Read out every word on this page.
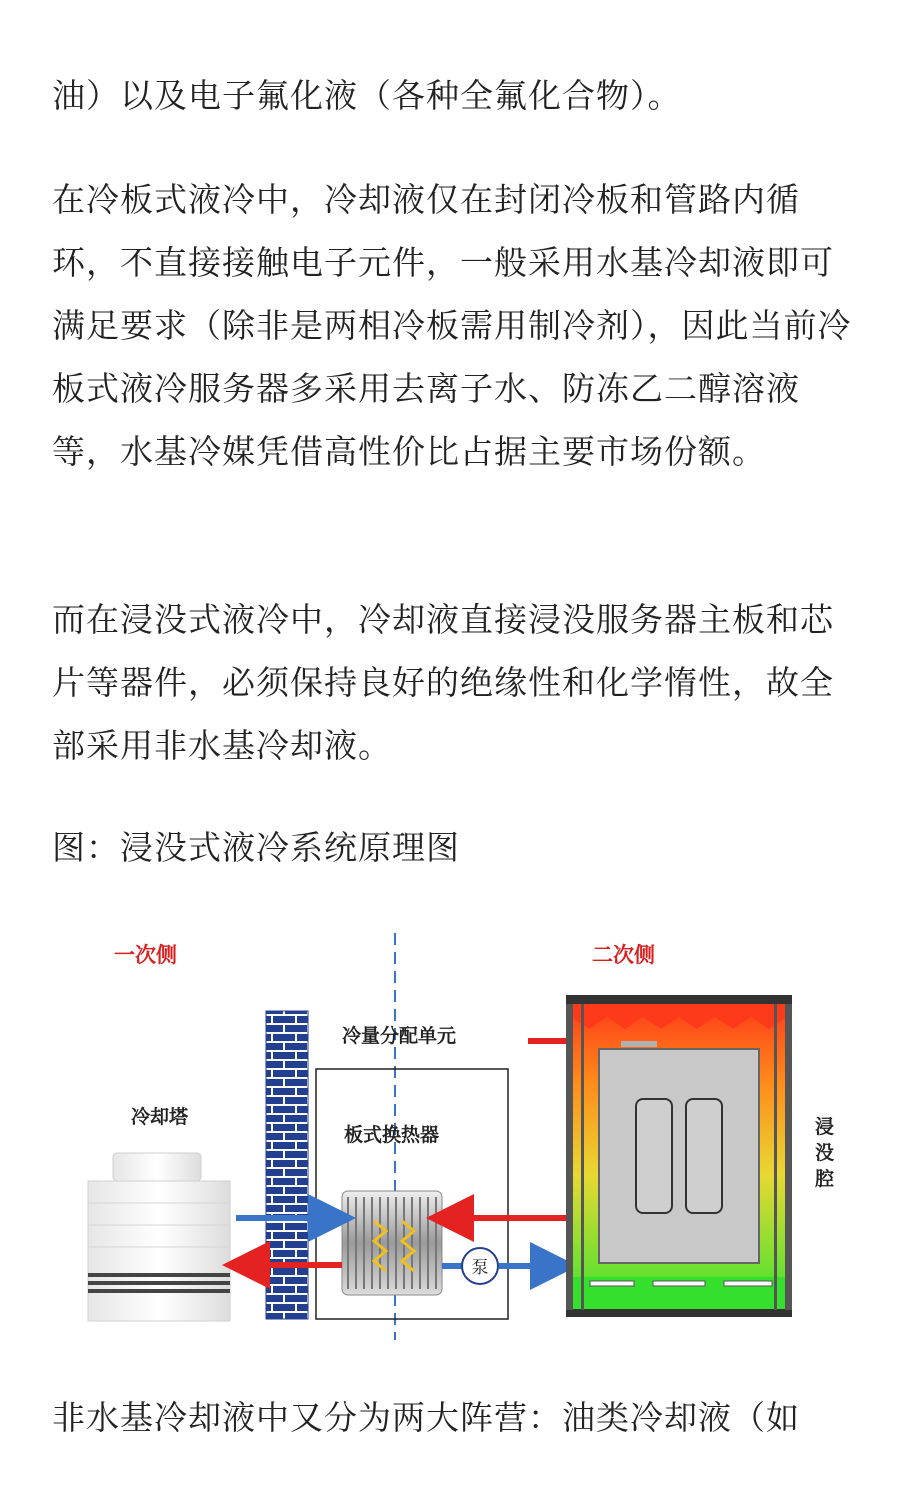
油）以及电子氟化液（各种全氟化合物）。

在冷板式液冷中，冷却液仅在封闭冷板和管路内循环，不直接接触电子元件，一般采用水基冷却液即可满足要求（除非是两相冷板需用制冷剂），因此当前冷板式液冷服务器多采用去离子水、防冻乙二醇溶液等，水基冷媒凭借高性价比占据主要市场份额。

而在浸没式液冷中，冷却液直接浸没服务器主板和芯片等器件，必须保持良好的绝缘性和化学惰性，故全部采用非水基冷却液。

图：浸没式液冷系统原理图

一次侧	二次侧
冷却塔
冷量分配单元
板式换热器
泵
浸
没
腔

非水基冷却液中又分为两大阵营：油类冷却液（如
